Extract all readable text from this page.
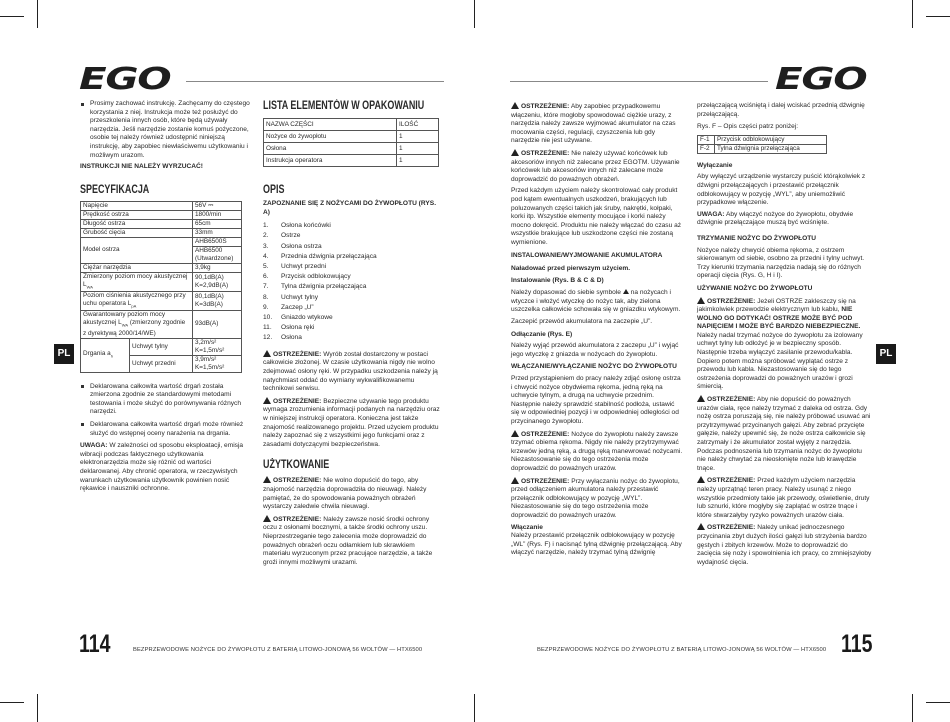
EGO
PL
Prosimy zachować instrukcję. Zachęcamy do częstego korzystania z niej. Instrukcja może też posłużyć do przeszkolenia innych osób, które będą używały narzędzia. Jeśli narzędzie zostanie komuś pożyczone, osobie tej należy również udostępnić niniejszą instrukcję, aby zapobiec niewłaściwemu użytkowaniu i możliwym urazom.
INSTRUKCJI NIE NALEŻY WYRZUCAĆ!
SPECYFIKACJA
Napięcie		56V ⎓
Prędkość ostrza		1800/min
Długość ostrza		65cm
Grubość cięcia		33mm
Model ostrza		AHB6500S
		AHB6500 (Utwardzone)
Ciężar narzędzia		3,9kg
Zmierzony poziom mocy akustycznej $L_{WA}$		90,1dB(A) K=2,9dB(A)
Poziom ciśnienia akustycznego przy uchu operatora $L_{pA}$		80,1dB(A) K=3dB(A)
Gwarantowany poziom mocy akustycznej $L_{WA}$ (zmierzony zgodnie z dyrektywą 2000/14/WE)		93dB(A)
Drgania $a_h$	Uchwyt tylny	3,2m/s² K=1,5m/s²
	Uchwyt przedni	3,9m/s² K=1,5m/s²
Deklarowana całkowita wartość drgań została zmierzona zgodnie ze standardowymi metodami testowania i może służyć do porównywania różnych narzędzi.
Deklarowana całkowita wartość drgań może również służyć do wstępnej oceny narażenia na drgania.
UWAGA: W zależności od sposobu eksploatacji, emisja wibracji podczas faktycznego użytkowania elektronarzędzia może się różnić od wartości deklarowanej. Aby chronić operatora, w rzeczywistych warunkach użytkowania użytkownik powinien nosić rękawice i nauszniki ochronne.
LISTA ELEMENTÓW W OPAKOWANIU
NAZWA CZĘŚCI	ILOŚĆ
Nożyce do żywopłotu	1
Osłona	1
Instrukcja operatora	1
OPIS
ZAPOZNANIE SIĘ Z NOŻYCAMI DO ŻYWOPŁOTU (RYS. A)
1.	Osłona końcówki
2.	Ostrze
3.	Osłona ostrza
4.	Przednia dźwignia przełączająca
5.	Uchwyt przedni
6.	Przycisk odblokowujący
7.	Tylna dźwignia przełączająca
8.	Uchwyt tylny
9.	Zaczep „U”
10.	Gniazdo wtykowe
11.	Osłona ręki
12.	Osłona
OSTRZEŻENIE: Wyrób został dostarczony w postaci całkowicie złożonej. W czasie użytkowania nigdy nie wolno zdejmować osłony ręki. W przypadku uszkodzenia należy ją natychmiast oddać do wymiany wykwalifikowanemu technikowi serwisu.
OSTRZEŻENIE: Bezpieczne używanie tego produktu wymaga zrozumienia informacji podanych na narzędziu oraz w niniejszej instrukcji operatora. Konieczna jest także znajomość realizowanego projektu. Przed użyciem produktu należy zapoznać się z wszystkimi jego funkcjami oraz z zasadami dotyczącymi bezpieczeństwa.
UŻYTKOWANIE
OSTRZEŻENIE: Nie wolno dopuścić do tego, aby znajomość narzędzia doprowadziła do nieuwagi. Należy pamiętać, że do spowodowania poważnych obrażeń wystarczy zaledwie chwila nieuwagi.
OSTRZEŻENIE: Należy zawsze nosić środki ochrony oczu z osłonami bocznymi, a także środki ochrony uszu. Nieprzestrzeganie tego zalecenia może doprowadzić do poważnych obrażeń oczu odłamkiem lub skrawkiem materiału wyrzuconym przez pracujące narzędzie, a także groźi innymi możliwymi urazami.
114	BEZPRZEWODOWE NOŻYCE DO ŻYWOPŁOTU Z BATERIĄ LITOWO-JONOWĄ 56 WOLTÓW — HTX6500
EGO
PL
OSTRZEŻENIE: Aby zapobiec przypadkowemu włączeniu, które mogłoby spowodować ciężkie urazy, z narzędzia należy zawsze wyjmować akumulator na czas mocowania części, regulacji, czyszczenia lub gdy narzędzie nie jest używane.
OSTRZEŻENIE: Nie należy używać końcówek lub akcesoriów innych niż zalecane przez EGOTM. Używanie końcówek lub akcesoriów innych niż zalecane może doprowadzić do poważnych obrażeń.
Przed każdym użyciem należy skontrolować cały produkt pod kątem ewentualnych uszkodzeń, brakujących lub poluzowanych części takich jak śruby, nakrętki, kołpaki, korki itp. Wszystkie elementy mocujące i korki należy mocno dokręcić. Produktu nie należy włączać do czasu aż wszystkie brakujące lub uszkodzone części nie zostaną wymienione.
INSTALOWANIE/WYJMOWANIE AKUMULATORA
Naładować przed pierwszym użyciem.
Instalowanie (Rys. B & C & D)
Należy dopasować do siebie symbole na nożycach i wtyczce i włożyć wtyczkę do nożyc tak, aby zielona uszczelka całkowicie schowała się w gniazdku wtykowym.
Zaczepić przewód akumulatora na zaczepie „U”.
Odłączanie (Rys. E)
Należy wyjąć przewód akumulatora z zaczepu „U” i wyjąć jego wtyczkę z gniazda w nożycach do żywopłotu.
WŁĄCZANIE/WYŁĄCZANIE NOŻYC DO ŻYWOPŁOTU
Przed przystąpieniem do pracy należy zdjąć osłonę ostrza i chwycić nożyce obydwiema rękoma, jedną ręką na uchwycie tylnym, a drugą na uchwycie przednim. Następnie należy sprawdzić stabilność podłoża, ustawić się w odpowiedniej pozycji i w odpowiedniej odległości od przycinanego żywopłotu.
OSTRZEŻENIE: Nożyce do żywopłotu należy zawsze trzymać obiema rękoma. Nigdy nie należy przytrzymywać krzewów jedną ręką, a drugą ręką manewrować nożycami. Niezastosowanie się do tego ostrzeżenia może doprowadzić do poważnych urazów.
OSTRZEŻENIE: Przy wyłączaniu nożyc do żywopłotu, przed odłączeniem akumulatora należy przestawić przełącznik odblokowujący w pozycję „WYL”. Niezastosowanie się do tego ostrzeżenia może doprowadzić do poważnych urazów.
Włączanie
Należy przestawić przełącznik odblokowujący w pozycję „WL” (Rys. F) i nacisnąć tylną dźwignię przełączającą. Aby włączyć narzędzie, należy trzymać tylną dźwignię
przełączającą wciśniętą i dalej wciskać przednią dźwignię przełączającą.
Rys. F – Opis części patrz poniżej:
F-1	Przycisk odblokowujący
F-2	Tylna dźwignia przełączająca
Wyłączanie
Aby wyłączyć urządzenie wystarczy puścić którąkolwiek z dźwigni przełączających i przestawić przełącznik odblokowujący w pozycję „WYL”, aby uniemożliwić przypadkowe włączenie.
UWAGA: Aby włączyć nożyce do żywopłotu, obydwie dźwignie przełączające muszą być wciśnięte.
TRZYMANIE NOŻYC DO ŻYWOPŁOTU
Nożyce należy chwycić obiema rękoma, z ostrzem skierowanym od siebie, osobno za przedni i tylny uchwyt. Trzy kierunki trzymania narzędzia nadają się do różnych operacji cięcia (Rys. G, H i I).
UŻYWANIE NOŻYC DO ŻYWOPŁOTU
OSTRZEŻENIE: Jeżeli OSTRZE zakleszczy się na jakimkolwiek przewodzie elektrycznym lub kablu, NIE WOLNO GO DOTYKAĆ! OSTRZE MOŻE BYĆ POD NAPIĘCIEM I MOŻE BYĆ BARDZO NIEBEZPIECZNE. Należy nadal trzymać nożyce do żywopłotu za izolowany uchwyt tylny lub odłożyć je w bezpieczny sposób. Następnie trzeba wyłączyć zasilanie przewodu/kabla. Dopiero potem można spróbować wyplątać ostrze z przewodu lub kabla. Niezastosowanie się do tego ostrzeżenia doprowadzi do poważnych urazów i grozi śmiercią.
OSTRZEŻENIE: Aby nie dopuścić do poważnych urazów ciała, ręce należy trzymać z daleka od ostrza. Gdy nożę ostrza poruszają się, nie należy próbować usuwać ani przytrzymywać przycinanych gałęzi. Aby zebrać przycięte gałęzie, należy upewnić się, że noże ostrza całkowicie się zatrzymały i że akumulator został wyjęty z narzędzia. Podczas podnoszenia lub trzymania nożyc do żywopłotu nie należy chwytać za nieosłonięte noże lub krawędzie tnące.
OSTRZEŻENIE: Przed każdym użyciem narzędzia należy uprzątnąć teren pracy. Należy usunąć z niego wszystkie przedmioty takie jak przewody, oświetlenie, druty lub sznurki, które mogłyby się zaplątać w ostrze tnące i które stwarzałyby ryzyko poważnych urazów ciała.
OSTRZEŻENIE: Należy unikać jednoczesnego przycinania zbyt dużych ilości gałęzi lub strzyżenia bardzo gęstych i zbitych krzewów. Może to doprowadzić do zacięcia się noży i spowolnienia ich pracy, co zmniejszyłoby wydajność cięcia.
BEZPRZEWODOWE NOŻYCE DO ŻYWOPŁOTU Z BATERIĄ LITOWO-JONOWĄ 56 WOLTÓW — HTX6500 115
